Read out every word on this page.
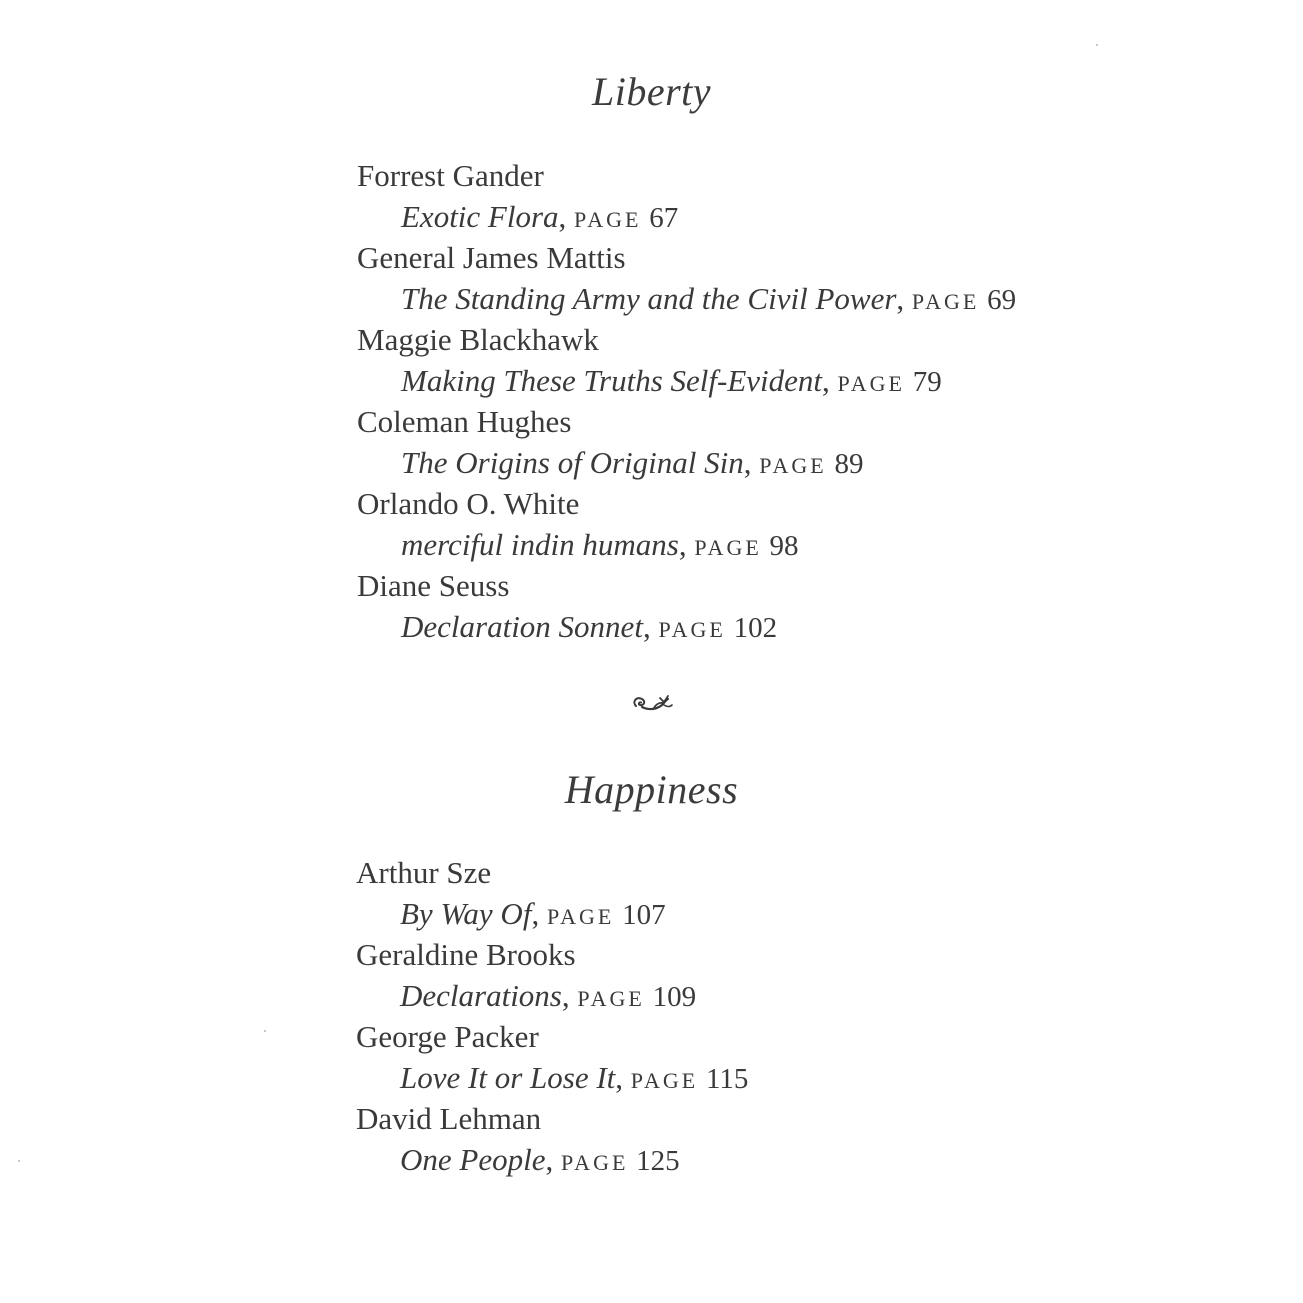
Liberty
Forrest Gander
Exotic Flora, page 67
General James Mattis
The Standing Army and the Civil Power, page 69
Maggie Blackhawk
Making These Truths Self-Evident, page 79
Coleman Hughes
The Origins of Original Sin, page 89
Orlando O. White
merciful indin humans, page 98
Diane Seuss
Declaration Sonnet, page 102
Happiness
Arthur Sze
By Way Of, page 107
Geraldine Brooks
Declarations, page 109
George Packer
Love It or Lose It, page 115
David Lehman
One People, page 125
